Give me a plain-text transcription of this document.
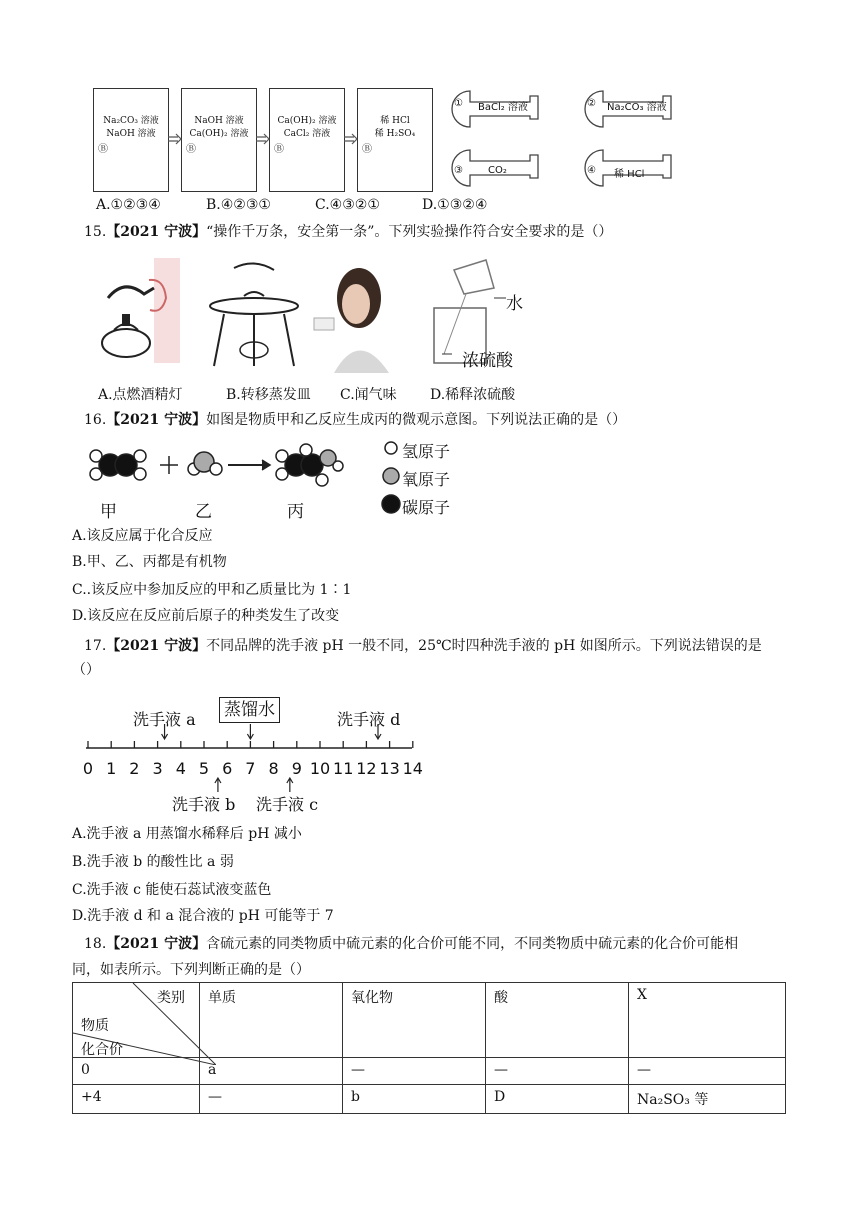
Na₂CO₃ 溶液
NaOH 溶液
Ⓑ
NaOH 溶液
Ca(OH)₂ 溶液
Ⓑ
Ca(OH)₂ 溶液
CaCl₂ 溶液
Ⓑ
稀 HCl
稀 H₂SO₄
Ⓑ
① BaCl₂ 溶液	② Na₂CO₃ 溶液
③	CO₂	④ 稀 HCl
A.①②③④	B.④②③①	C.④③②①	D.①③②④
15.【2021 宁波】“操作千万条，安全第一条”。下列实验操作符合安全要求的是（）
水
浓硫酸
A.点燃酒精灯	B.转移蒸发皿 C.闻气味 D.稀释浓硫酸
16.【2021 宁波】如图是物质甲和乙反应生成丙的微观示意图。下列说法正确的是（）
甲	乙	丙
氢原子
氧原子
碳原子
A.该反应属于化合反应
B.甲、乙、丙都是有机物
C..该反应中参加反应的甲和乙质量比为 1∶1
D.该反应在反应前后原子的种类发生了改变
17.【2021 宁波】不同品牌的洗手液 pH 一般不同，25℃时四种洗手液的 pH 如图所示。下列说法错误的是
（）
0 1 2 3 4 5 6 7 8 9 10 11 12 13 14
蒸馏水
洗手液 a	洗手液 d
洗手液 b 洗手液 c
A.洗手液 a 用蒸馏水稀释后 pH 减小
B.洗手液 b 的酸性比 a 弱
C.洗手液 c 能使石蕊试液变蓝色
D.洗手液 d 和 a 混合液的 pH 可能等于 7
18.【2021 宁波】含硫元素的同类物质中硫元素的化合价可能不同，不同类物质中硫元素的化合价可能相
同，如表所示。下列判断正确的是（）
类别
物质
化合价	单质	氧化物	酸	X
0	a	—	—	—
+4	—	b	D	Na₂SO₃ 等
